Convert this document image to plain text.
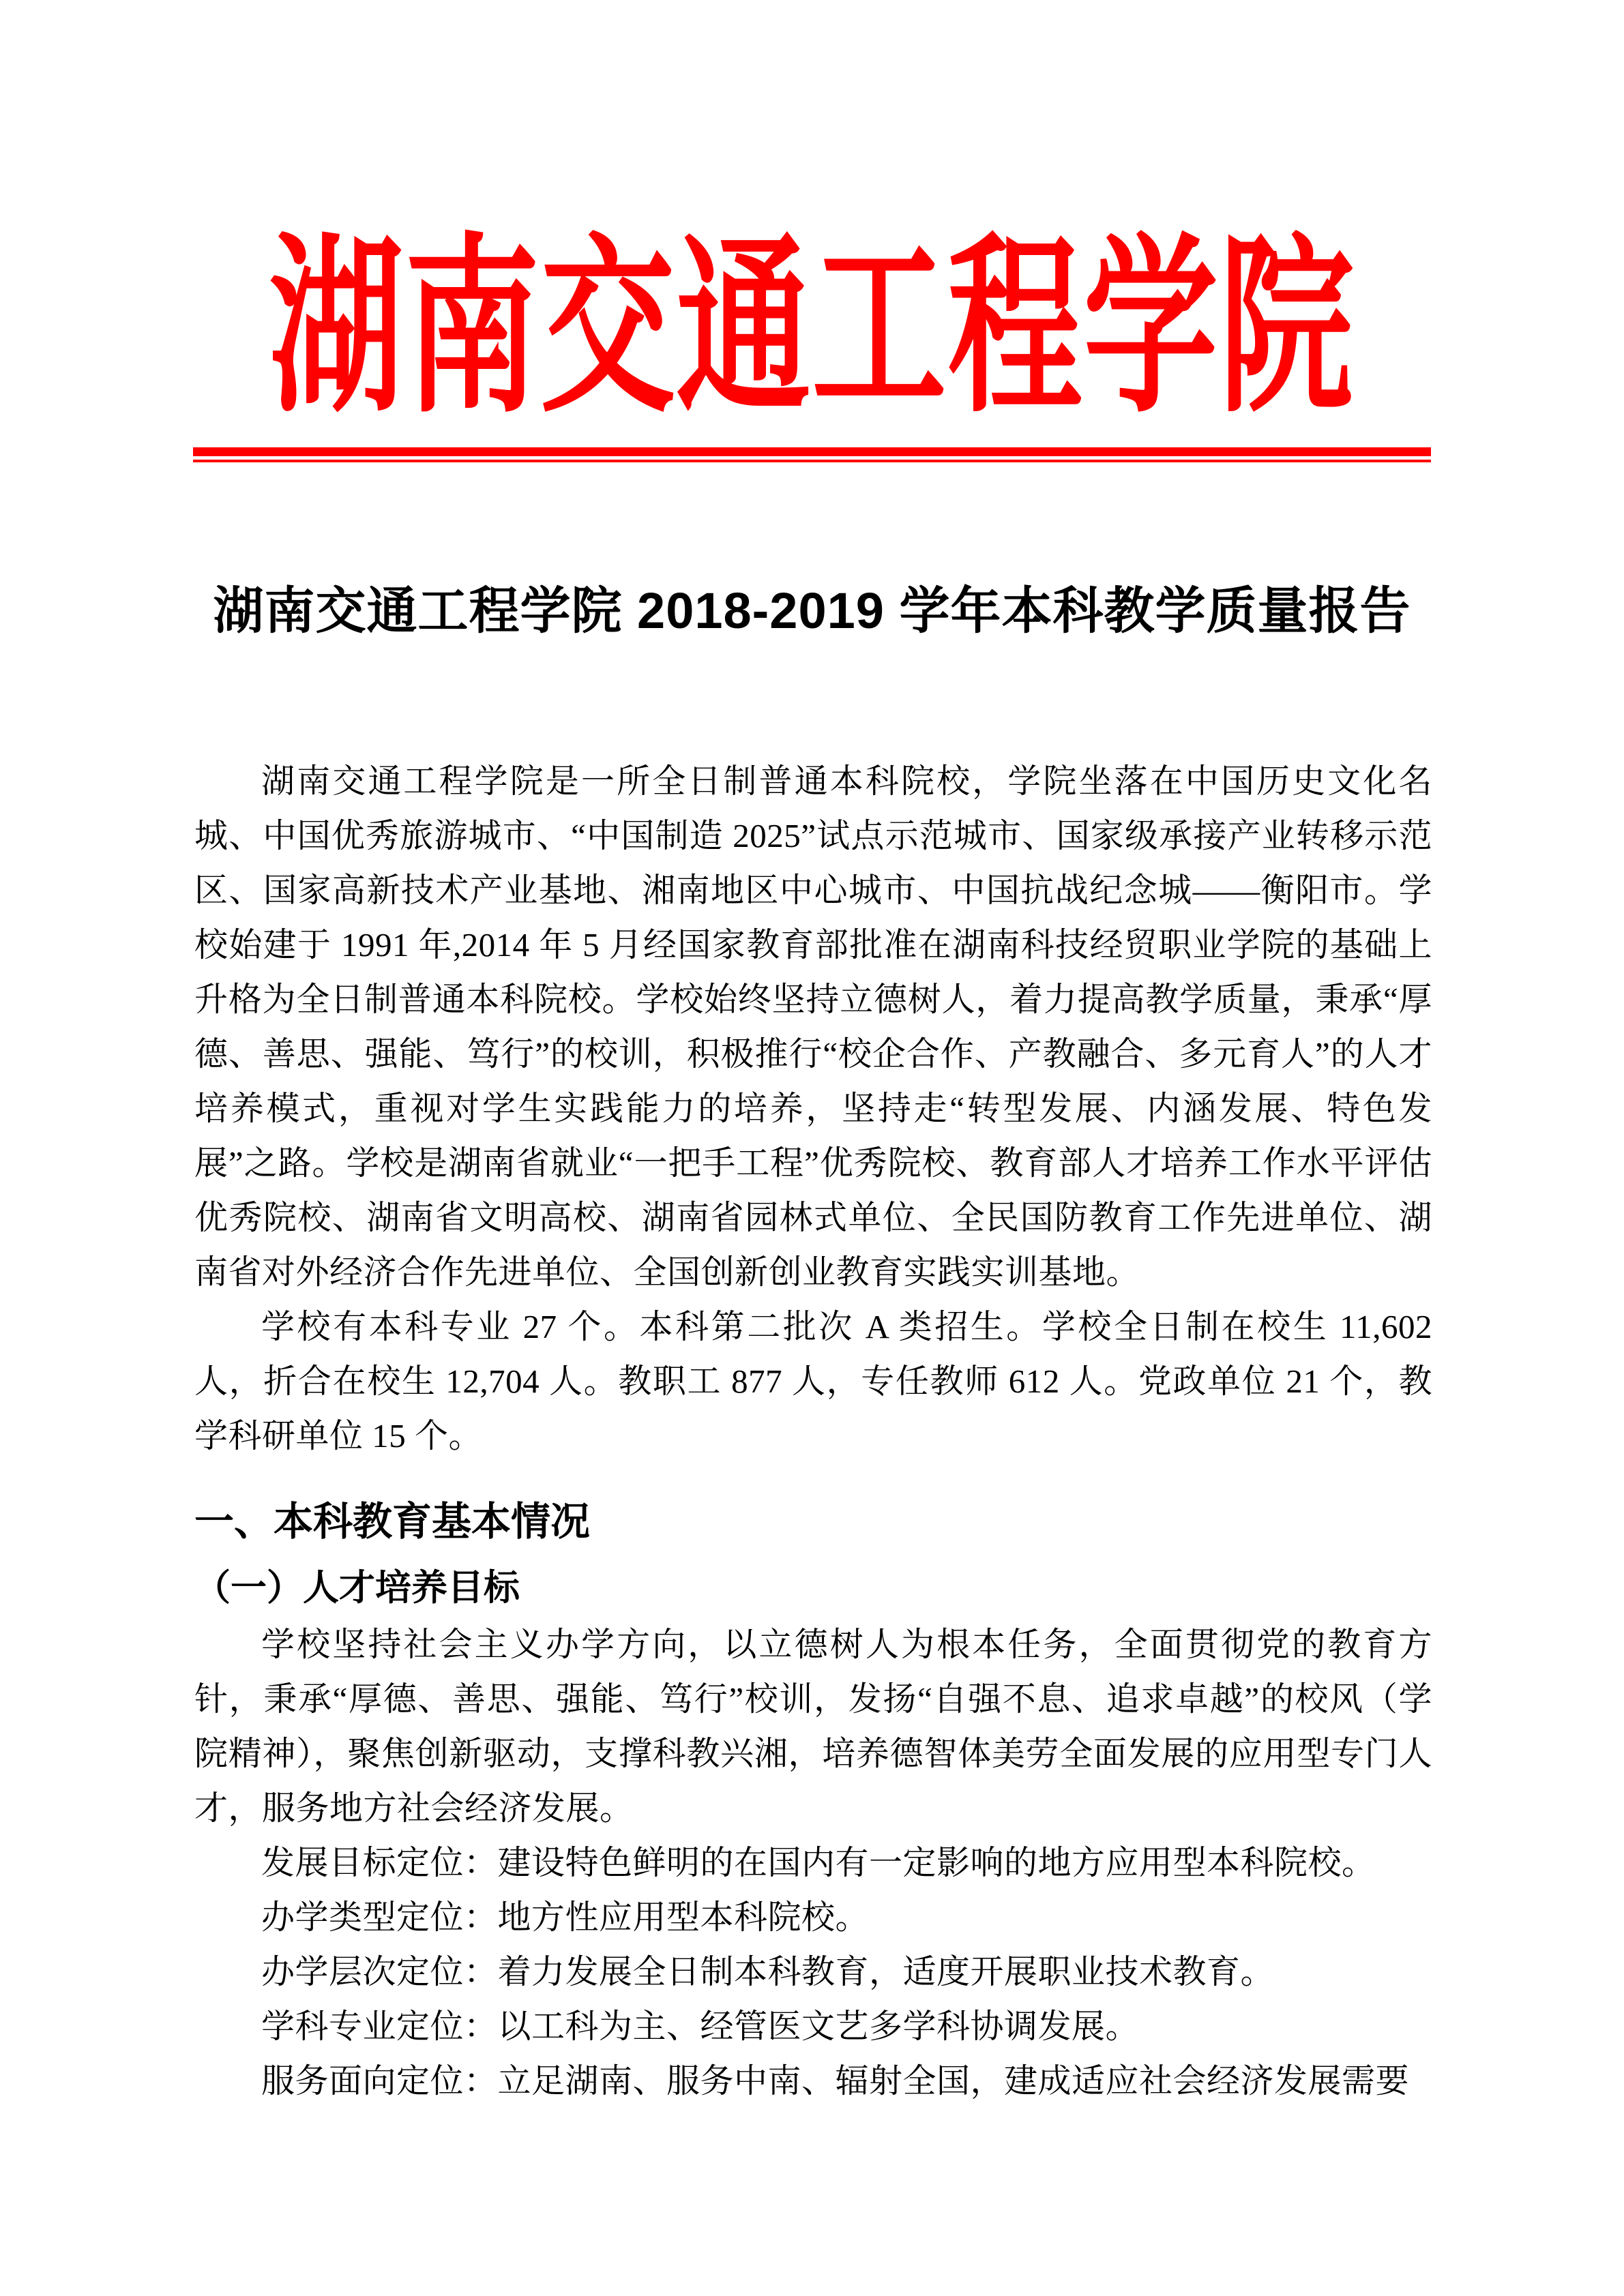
湖南交通工程学院
湖南交通工程学院 2018-2019 学年本科教学质量报告

湖南交通工程学院是一所全日制普通本科院校，学院坐落在中国历史文化名城、中国优秀旅游城市、“中国制造 2025”试点示范城市、国家级承接产业转移示范区、国家高新技术产业基地、湘南地区中心城市、中国抗战纪念城——衡阳市。学校始建于 1991 年,2014 年 5 月经国家教育部批准在湖南科技经贸职业学院的基础上升格为全日制普通本科院校。学校始终坚持立德树人，着力提高教学质量，秉承“厚德、善思、强能、笃行”的校训，积极推行“校企合作、产教融合、多元育人”的人才培养模式，重视对学生实践能力的培养，坚持走“转型发展、内涵发展、特色发展”之路。学校是湖南省就业“一把手工程”优秀院校、教育部人才培养工作水平评估优秀院校、湖南省文明高校、湖南省园林式单位、全民国防教育工作先进单位、湖南省对外经济合作先进单位、全国创新创业教育实践实训基地。

学校有本科专业 27 个。本科第二批次 A 类招生。学校全日制在校生 11,602 人，折合在校生 12,704 人。教职工 877 人，专任教师 612 人。党政单位 21 个，教学科研单位 15 个。

一、本科教育基本情况
（一）人才培养目标

学校坚持社会主义办学方向，以立德树人为根本任务，全面贯彻党的教育方针，秉承“厚德、善思、强能、笃行”校训，发扬“自强不息、追求卓越”的校风（学院精神），聚焦创新驱动，支撑科教兴湘，培养德智体美劳全面发展的应用型专门人才，服务地方社会经济发展。

发展目标定位：建设特色鲜明的在国内有一定影响的地方应用型本科院校。

办学类型定位：地方性应用型本科院校。

办学层次定位：着力发展全日制本科教育，适度开展职业技术教育。

学科专业定位：以工科为主、经管医文艺多学科协调发展。

服务面向定位：立足湖南、服务中南、辐射全国，建成适应社会经济发展需要
